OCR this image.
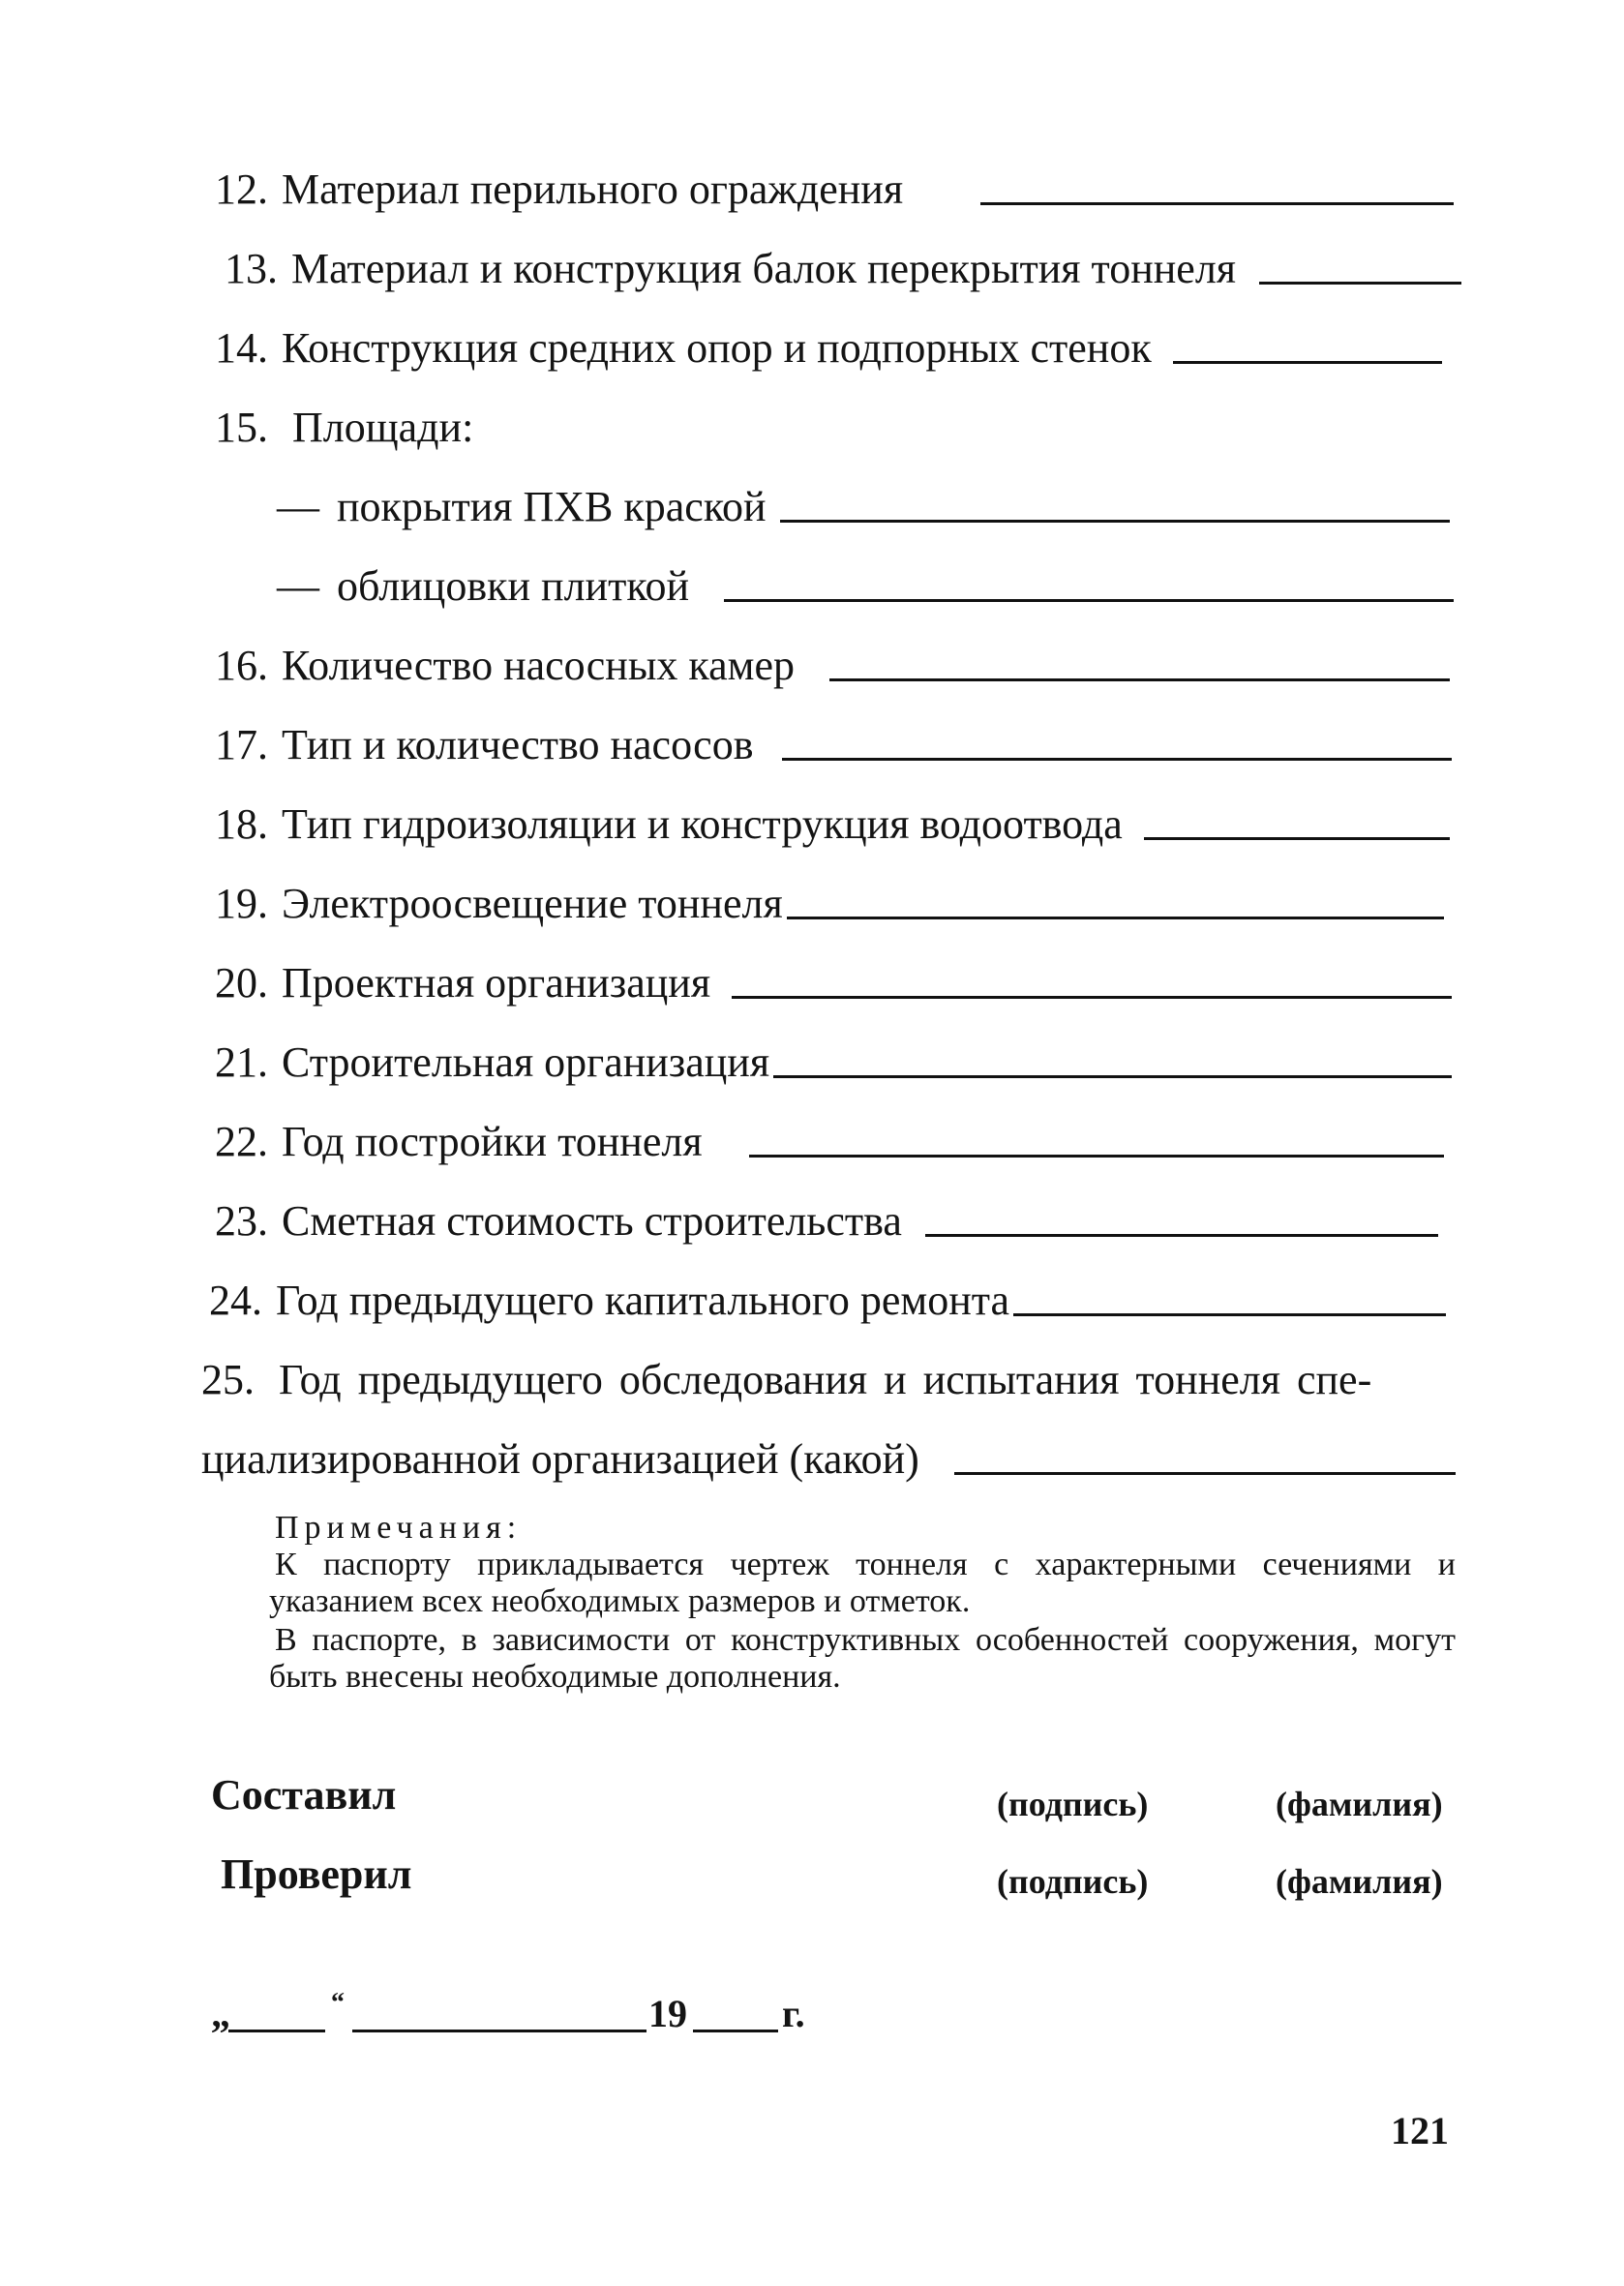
12. Материал перильного ограждения
13. Материал и конструкция балок перекрытия тоннеля
14. Конструкция средних опор и подпорных стенок
15. Площади:
— покрытия ПХВ краской
— облицовки плиткой
16. Количество насосных камер
17. Тип и количество насосов
18. Тип гидроизоляции и конструкция водоотвода
19. Электроосвещение тоннеля
20. Проектная организация
21. Строительная организация
22. Год постройки тоннеля
23. Сметная стоимость строительства
24. Год предыдущего капитального ремонта
25. Год предыдущего обследования и испытания тоннеля спе-
циализированной организацией (какой)
Примечания:

К паспорту прикладывается чертеж тоннеля с характерными сечениями и указанием всех необходимых размеров и отметок.

В паспорте, в зависимости от конструктивных особенностей сооружения, могут быть внесены необходимые дополнения.

Составил	(подпись)	(фамилия)
Проверил	(подпись)	(фамилия)
„	“	19 г.
121
